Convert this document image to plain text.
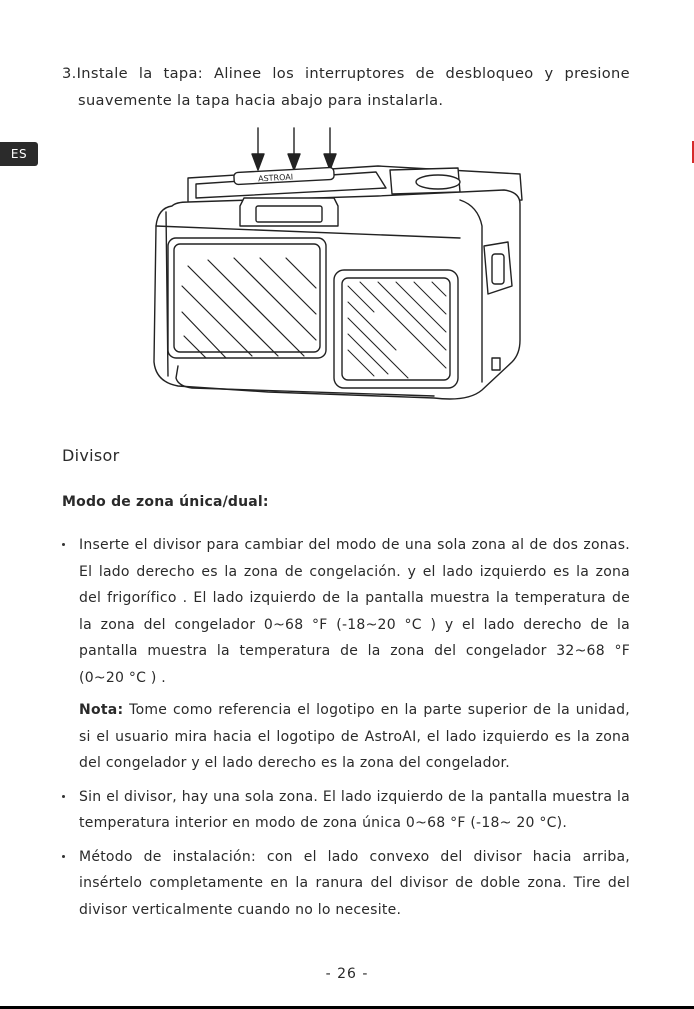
ES
3.Instale la tapa: Alinee los interruptores de desbloqueo y presione
suavemente la tapa hacia abajo para instalarla.
ASTROAI
Divisor
Modo de zona única/dual:
Inserte el divisor para cambiar del modo de una sola zona al de dos zonas. El lado derecho es la zona de congelación. y el lado izquierdo es la zona del frigorífico . El lado izquierdo de la pantalla muestra la temperatura de la zona del congelador 0~68 °F (-18~20 °C ) y el lado derecho de la pantalla muestra la temperatura de la zona del congelador 32~68 °F (0~20 °C ) .
Nota: Tome como referencia el logotipo en la parte superior de la unidad, si el usuario mira hacia el logotipo de AstroAI, el lado izquierdo es la zona del congelador y el lado derecho es la zona del congelador.
Sin el divisor, hay una sola zona. El lado izquierdo de la pantalla muestra la temperatura interior en modo de zona única 0~68 °F (-18~ 20 °C).
Método de instalación: con el lado convexo del divisor hacia arriba, insértelo completamente en la ranura del divisor de doble zona. Tire del divisor verticalmente cuando no lo necesite.
- 26 -
